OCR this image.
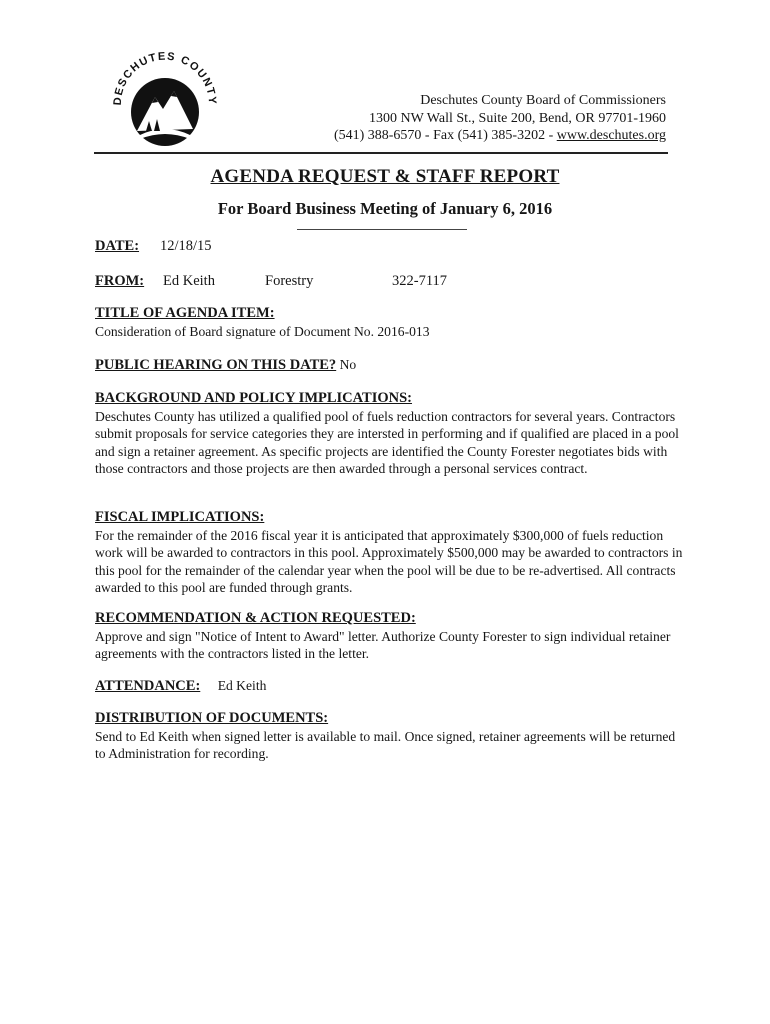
DESCHUTES COUNTY	Deschutes County Board of Commissioners
1300 NW Wall St., Suite 200, Bend, OR 97701-1960
(541) 388-6570 - Fax (541) 385-3202 - www.deschutes.org
AGENDA REQUEST & STAFF REPORT
For Board Business Meeting of January 6, 2016
DATE: 12/18/15
FROM: Ed Keith	Forestry	322-7117
TITLE OF AGENDA ITEM:
Consideration of Board signature of Document No. 2016-013
PUBLIC HEARING ON THIS DATE? No
BACKGROUND AND POLICY IMPLICATIONS:
Deschutes County has utilized a qualified pool of fuels reduction contractors for several years. Contractors submit proposals for service categories they are intersted in performing and if qualified are placed in a pool and sign a retainer agreement. As specific projects are identified the County Forester negotiates bids with those contractors and those projects are then awarded through a personal services contract.
FISCAL IMPLICATIONS:
For the remainder of the 2016 fiscal year it is anticipated that approximately $300,000 of fuels reduction work will be awarded to contractors in this pool. Approximately $500,000 may be awarded to contractors in this pool for the remainder of the calendar year when the pool will be due to be re-advertised. All contracts awarded to this pool are funded through grants.
RECOMMENDATION & ACTION REQUESTED:
Approve and sign "Notice of Intent to Award" letter. Authorize County Forester to sign individual retainer agreements with the contractors listed in the letter.
ATTENDANCE: Ed Keith
DISTRIBUTION OF DOCUMENTS:
Send to Ed Keith when signed letter is available to mail. Once signed, retainer agreements will be returned to Administration for recording.
